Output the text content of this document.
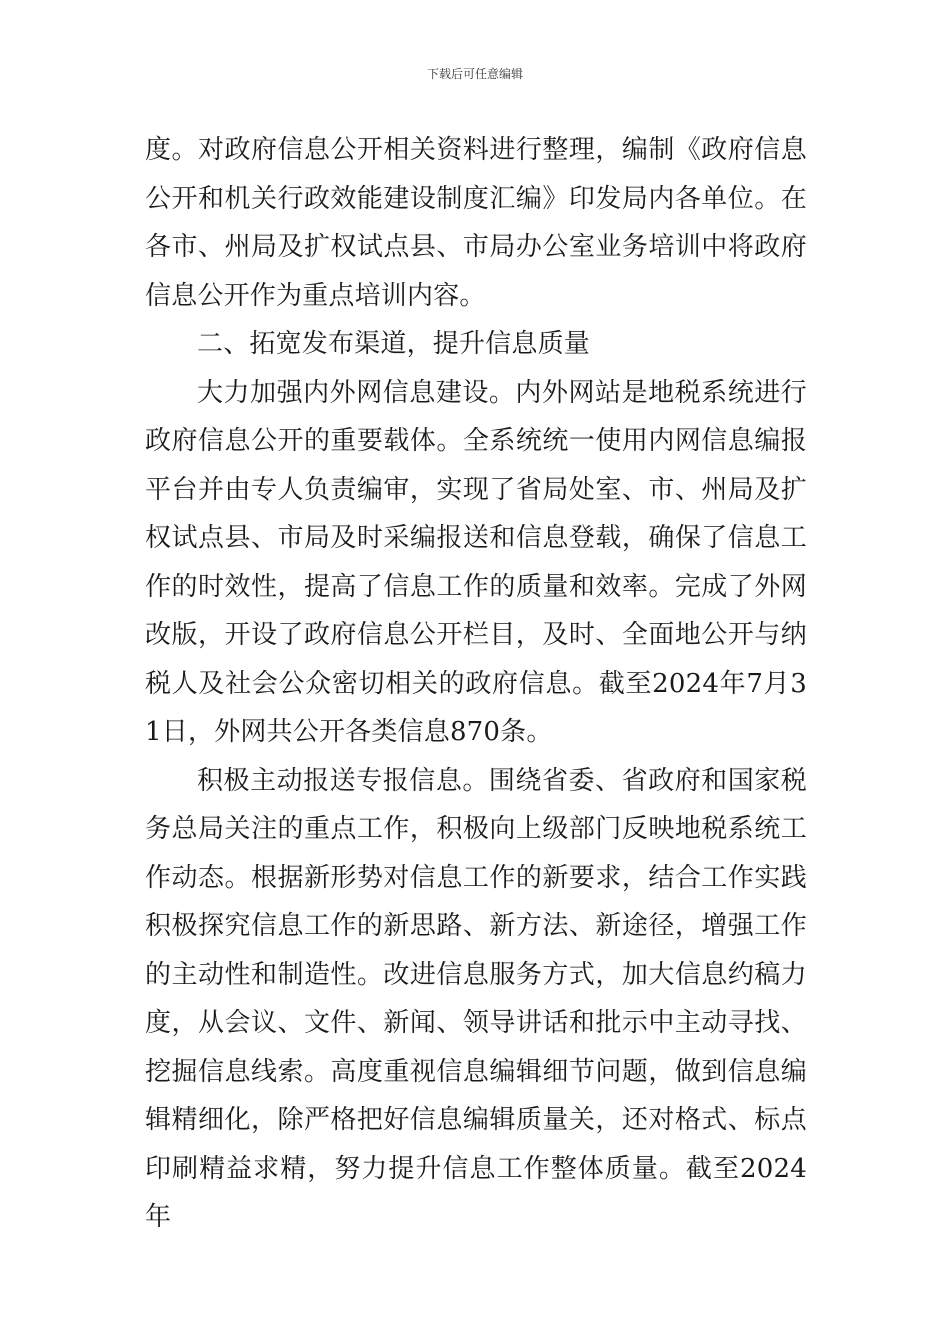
下载后可任意编辑

度。对政府信息公开相关资料进行整理，编制《政府信息公开和机关行政效能建设制度汇编》印发局内各单位。在各市、州局及扩权试点县、市局办公室业务培训中将政府信息公开作为重点培训内容。

二、拓宽发布渠道，提升信息质量

大力加强内外网信息建设。内外网站是地税系统进行政府信息公开的重要载体。全系统统一使用内网信息编报平台并由专人负责编审，实现了省局处室、市、州局及扩权试点县、市局及时采编报送和信息登载，确保了信息工作的时效性，提高了信息工作的质量和效率。完成了外网改版，开设了政府信息公开栏目，及时、全面地公开与纳税人及社会公众密切相关的政府信息。截至2024年7月31日，外网共公开各类信息870条。

积极主动报送专报信息。围绕省委、省政府和国家税务总局关注的重点工作，积极向上级部门反映地税系统工作动态。根据新形势对信息工作的新要求，结合工作实践积极探究信息工作的新思路、新方法、新途径，增强工作的主动性和制造性。改进信息服务方式，加大信息约稿力度，从会议、文件、新闻、领导讲话和批示中主动寻找、挖掘信息线索。高度重视信息编辑细节问题，做到信息编辑精细化，除严格把好信息编辑质量关，还对格式、标点印刷精益求精，努力提升信息工作整体质量。截至2024年
